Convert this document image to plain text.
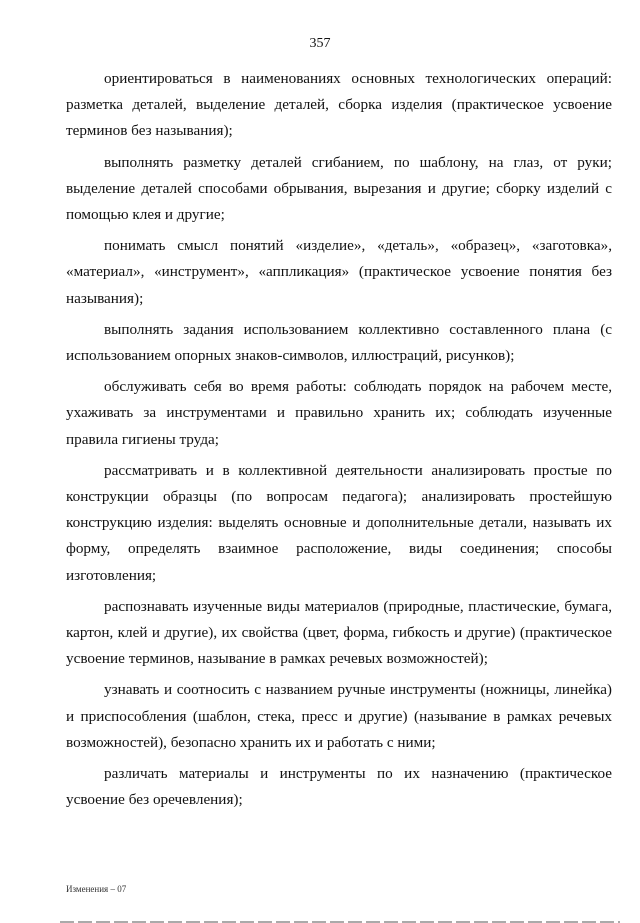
357

ориентироваться в наименованиях основных технологических операций: разметка деталей, выделение деталей, сборка изделия (практическое усвоение терминов без называния);

выполнять разметку деталей сгибанием, по шаблону, на глаз, от руки; выделение деталей способами обрывания, вырезания и другие; сборку изделий с помощью клея и другие;

понимать смысл понятий «изделие», «деталь», «образец», «заготовка», «материал», «инструмент», «аппликация» (практическое усвоение понятия без называния);

выполнять задания использованием коллективно составленного плана (с использованием опорных знаков-символов, иллюстраций, рисунков);

обслуживать себя во время работы: соблюдать порядок на рабочем месте, ухаживать за инструментами и правильно хранить их; соблюдать изученные правила гигиены труда;

рассматривать и в коллективной деятельности анализировать простые по конструкции образцы (по вопросам педагога); анализировать простейшую конструкцию изделия: выделять основные и дополнительные детали, называть их форму, определять взаимное расположение, виды соединения; способы изготовления;

распознавать изученные виды материалов (природные, пластические, бумага, картон, клей и другие), их свойства (цвет, форма, гибкость и другие) (практическое усвоение терминов, называние в рамках речевых возможностей);

узнавать и соотносить с названием ручные инструменты (ножницы, линейка) и приспособления (шаблон, стека, пресс и другие) (называние в рамках речевых возможностей), безопасно хранить их и работать с ними;

различать материалы и инструменты по их назначению (практическое усвоение без оречевления);

Изменения – 07
